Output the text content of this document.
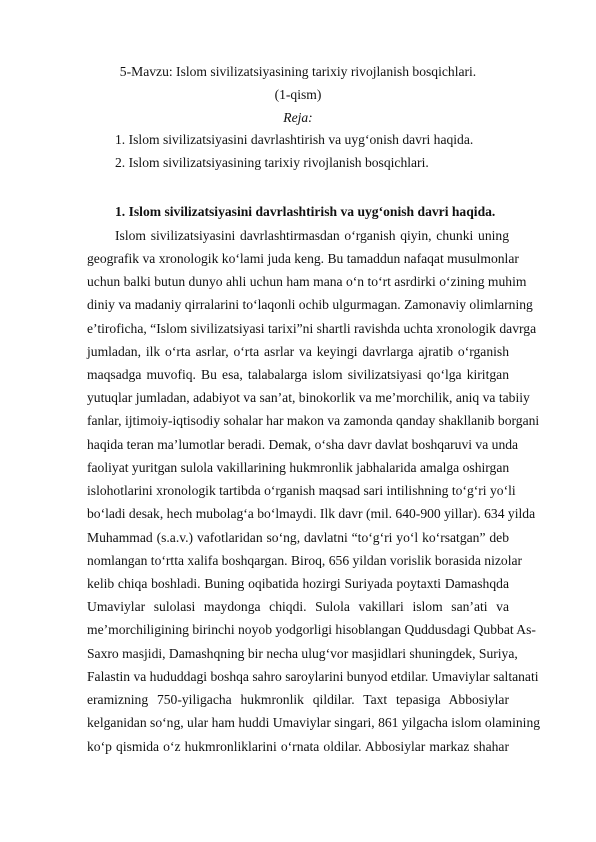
5-Mavzu: Islom sivilizatsiyasining tarixiy rivojlanish bosqichlari.
(1-qism)
Reja:
1. Islom sivilizatsiyasini davrlashtirish va uyg‘onish davri haqida.
2. Islom sivilizatsiyasining tarixiy rivojlanish bosqichlari.
1. Islom sivilizatsiyasini davrlashtirish va uyg‘onish davri haqida.
Islom sivilizatsiyasini davrlashtirmasdan o‘rganish qiyin, chunki uning
geografik va xronologik ko‘lami juda keng. Bu tamaddun nafaqat musulmonlar
uchun balki butun dunyo ahli uchun ham mana o‘n to‘rt asrdirki o‘zining muhim
diniy va madaniy qirralarini to‘laqonli ochib ulgurmagan. Zamonaviy olimlarning
e’tiroficha, “Islom sivilizatsiyasi tarixi”ni shartli ravishda uchta xronologik davrga
jumladan, ilk o‘rta asrlar, o‘rta asrlar va keyingi davrlarga ajratib o‘rganish
maqsadga muvofiq. Bu esa, talabalarga islom sivilizatsiyasi qo‘lga kiritgan
yutuqlar jumladan, adabiyot va san’at, binokorlik va me’morchilik, aniq va tabiiy
fanlar, ijtimoiy-iqtisodiy sohalar har makon va zamonda qanday shakllanib borgani
haqida teran ma’lumotlar beradi. Demak, o‘sha davr davlat boshqaruvi va unda
faoliyat yuritgan sulola vakillarining hukmronlik jabhalarida amalga oshirgan
islohotlarini xronologik tartibda o‘rganish maqsad sari intilishning to‘g‘ri yo‘li
bo‘ladi desak, hech mubolag‘a bo‘lmaydi. Ilk davr (mil. 640-900 yillar). 634 yilda
Muhammad (s.a.v.) vafotlaridan so‘ng, davlatni “to‘g‘ri yo‘l ko‘rsatgan” deb
nomlangan to‘rtta xalifa boshqargan. Biroq, 656 yildan vorislik borasida nizolar
kelib chiqa boshladi. Buning oqibatida hozirgi Suriyada poytaxti Damashqda
Umaviylar sulolasi maydonga chiqdi. Sulola vakillari islom san’ati va
me’morchiligining birinchi noyob yodgorligi hisoblangan Quddusdagi Qubbat As-
Saxro masjidi, Damashqning bir necha ulug‘vor masjidlari shuningdek, Suriya,
Falastin va hududdagi boshqa sahro saroylarini bunyod etdilar. Umaviylar saltanati
eramizning 750-yiligacha hukmronlik qildilar. Taxt tepasiga Abbosiylar
kelganidan so‘ng, ular ham huddi Umaviylar singari, 861 yilgacha islom olamining
ko‘p qismida o‘z hukmronliklarini o‘rnata oldilar. Abbosiylar markaz shahar
